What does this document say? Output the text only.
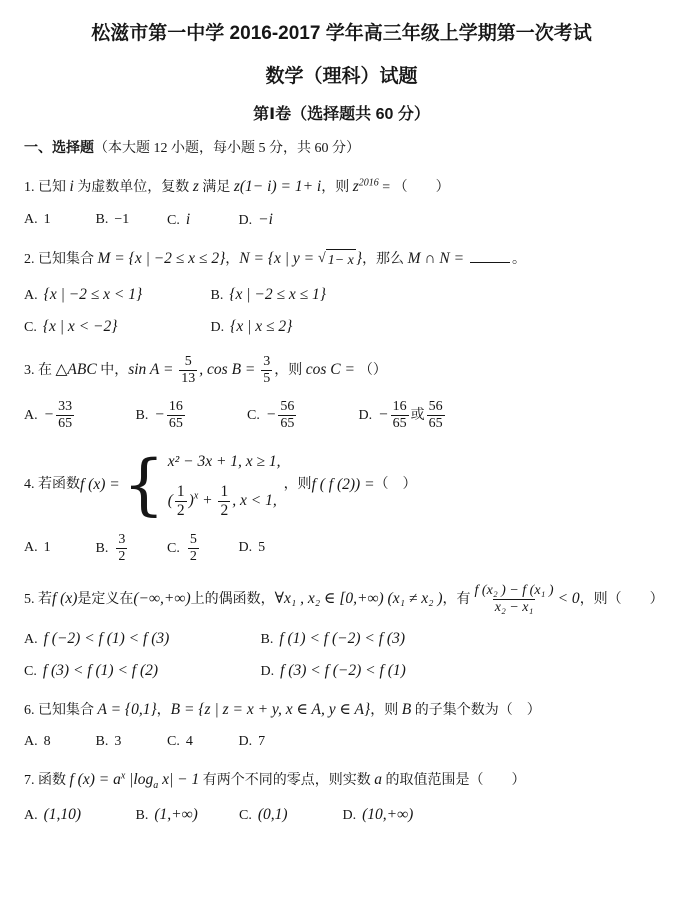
松滋市第一中学 2016-2017 学年高三年级上学期第一次考试
数学（理科）试题
第Ⅰ卷（选择题共 60 分）
一、选择题（本大题 12 小题，每小题 5 分，共 60 分）
1. 已知 i 为虚数单位，复数 z 满足 z(1− i) = 1+ i，则 $z^{2016}$ = （　　）
A. 1	B. −1	C. i	D. −i
2. 已知集合 M = {x | −2 ≤ x ≤ 2}，N = {x | y = √ 1− x }，那么 M ∩ N =	。
A. {x | −2 ≤ x < 1}	B. {x | −2 ≤ x ≤ 1}
C. {x | x < −2}	D. {x | x ≤ 2}
3. 在 △ABC 中，$\sin A = \frac{5}{13}$ , $\cos B = \frac{3}{5}$ ，则 cos C = （）
A. − $\frac{33}{65}$	B. − $\frac{16}{65}$	C. − $\frac{56}{65}$	D. − $\frac{16}{65}$ 或 $\frac{56}{65}$
4. 若函数 f (x) = { x² − 3x + 1, x ≥ 1,
( $\frac{1}{2} )^x + \frac{1}{2}$ , x < 1,
，则 f ( f (2)) = （　）
A. 1	B. $\frac{3}{2}$	C. $\frac{5}{2}$	D. 5
5. 若 f (x) 是定义在 (−∞,+∞) 上的偶函数， ∀x₁ , x₂ ∈ [0,+∞) (x₁ ≠ x₂ ) ，有 $\frac{\text{f (x₂ ) − f (x₁ )}}{\text{x₂ − x₁}} < 0$ ，则（　　）
A. f (−2) < f (1) < f (3)	B. f (1) < f (−2) < f (3)
C. f (3) < f (1) < f (2)	D. f (3) < f (−2) < f (1)
6. 已知集合 A = {0,1}，B = {z | z = x + y, x ∈ A, y ∈ A}，则 B 的子集个数为（　）
A. 8	B. 3	C. 4	D. 7
7. 函数 f $(x) = a^x$ $|\log_a$ x| − 1 有两个不同的零点，则实数 a 的取值范围是（　　）
A. (1,10)	B. (1,+∞)	C. (0,1)	D. (10,+∞)
